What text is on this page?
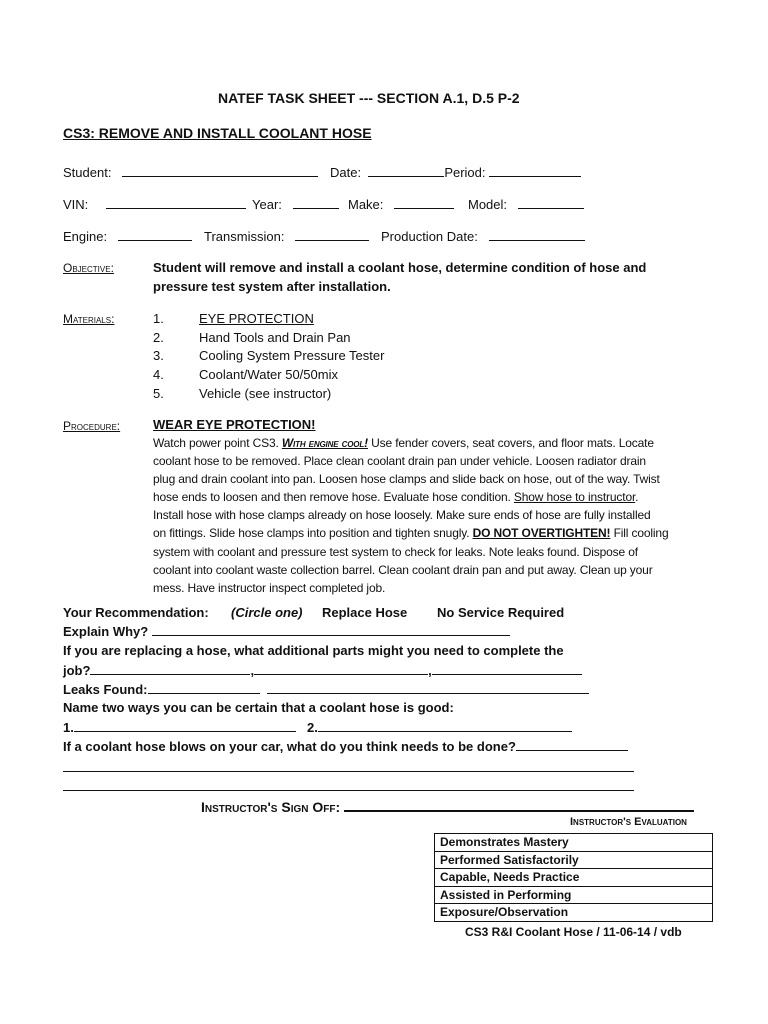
NATEF TASK SHEET --- SECTION A.1, D.5 P-2
CS3: REMOVE AND INSTALL COOLANT HOSE
Student:	Date:	Period:
VIN:	Year:	Make:	Model:
Engine:	Transmission:	Production Date:
Objective:	Student will remove and install a coolant hose, determine condition of hose and
pressure test system after installation.
Materials:	1.	EYE PROTECTION
2.	Hand Tools and Drain Pan
3.	Cooling System Pressure Tester
4.	Coolant/Water 50/50mix
5.	Vehicle (see instructor)
Procedure:	WEAR EYE PROTECTION!
Watch power point CS3. With engine cool! Use fender covers, seat covers, and floor mats. Locate
coolant hose to be removed. Place clean coolant drain pan under vehicle. Loosen radiator drain
plug and drain coolant into pan. Loosen hose clamps and slide back on hose, out of the way. Twist
hose ends to loosen and then remove hose. Evaluate hose condition. Show hose to instructor.
Install hose with hose clamps already on hose loosely. Make sure ends of hose are fully installed
on fittings. Slide hose clamps into position and tighten snugly. DO NOT OVERTIGHTEN! Fill cooling
system with coolant and pressure test system to check for leaks. Note leaks found. Dispose of
coolant into coolant waste collection barrel. Clean coolant drain pan and put away. Clean up your
mess. Have instructor inspect completed job.
Your Recommendation: (Circle one) Replace Hose No Service Required
Explain Why?
If you are replacing a hose, what additional parts might you need to complete the
job?	,	,
Leaks Found:
Name two ways you can be certain that a coolant hose is good:
1.	2.
If a coolant hose blows on your car, what do you think needs to be done?
Instructor's Sign Off:
Instructor's Evaluation
Demonstrates Mastery
Performed Satisfactorily
Capable, Needs Practice
Assisted in Performing
Exposure/Observation
CS3 R&I Coolant Hose / 11-06-14 / vdb
